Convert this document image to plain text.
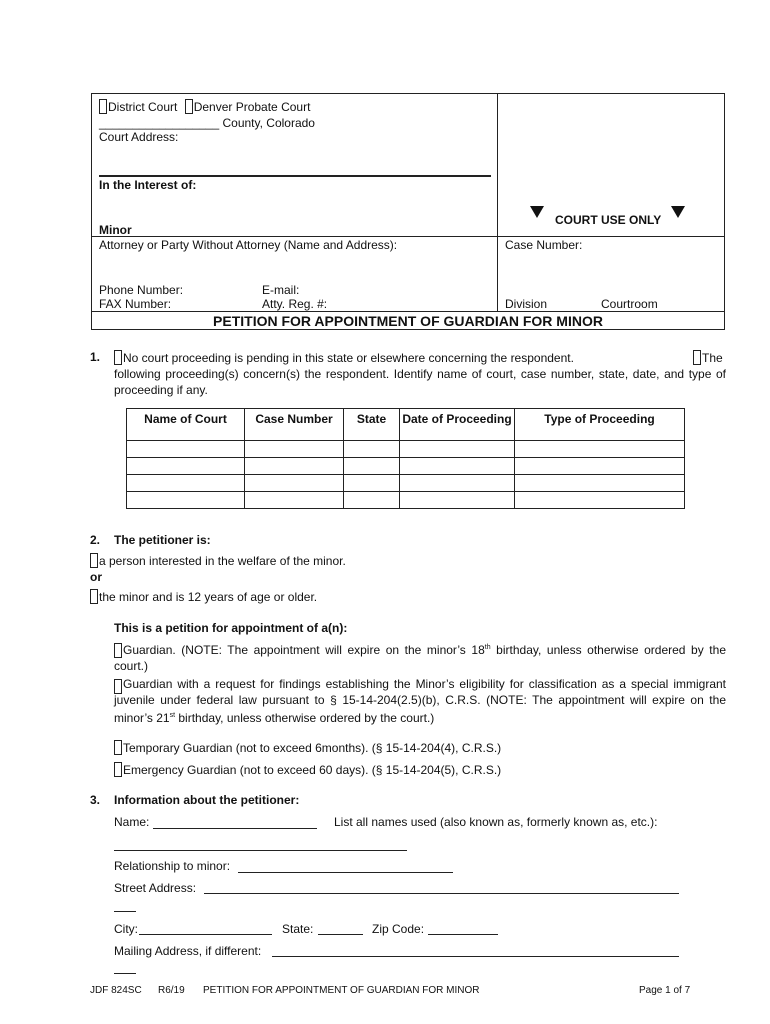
District Court Denver Probate Court
__________________ County, Colorado
Court Address:
In the Interest of:
Minor
COURT USE ONLY
Attorney or Party Without Attorney (Name and Address):	Case Number:
Phone Number:	E-mail:
FAX Number:	Atty. Reg. #:	Division	Courtroom
PETITION FOR APPOINTMENT OF GUARDIAN FOR MINOR
1.	No court proceeding is pending in this state or elsewhere concerning the respondent.	The
following proceeding(s) concern(s) the respondent. Identify name of court, case number, state, date, and type of proceeding if any.
Name of Court	Case Number	State	Date of Proceeding	Type of Proceeding

2. The petitioner is:
a person interested in the welfare of the minor.
or
the minor and is 12 years of age or older.
This is a petition for appointment of a(n):
Guardian. (NOTE: The appointment will expire on the minor’s 18th birthday, unless otherwise ordered by the court.)
Guardian with a request for findings establishing the Minor’s eligibility for classification as a special immigrant juvenile under federal law pursuant to § 15-14-204(2.5)(b), C.R.S. (NOTE: The appointment will expire on the minor’s 21st birthday, unless otherwise ordered by the court.)
Temporary Guardian (not to exceed 6months). (§ 15-14-204(4), C.R.S.)
Emergency Guardian (not to exceed 60 days). (§ 15-14-204(5), C.R.S.)
3. Information about the petitioner:
Name:	List all names used (also known as, formerly known as, etc.):
Relationship to minor:
Street Address:
City:	State:	Zip Code:
Mailing Address, if different:
JDF 824SC R6/19 PETITION FOR APPOINTMENT OF GUARDIAN FOR MINOR	Page 1 of 7
